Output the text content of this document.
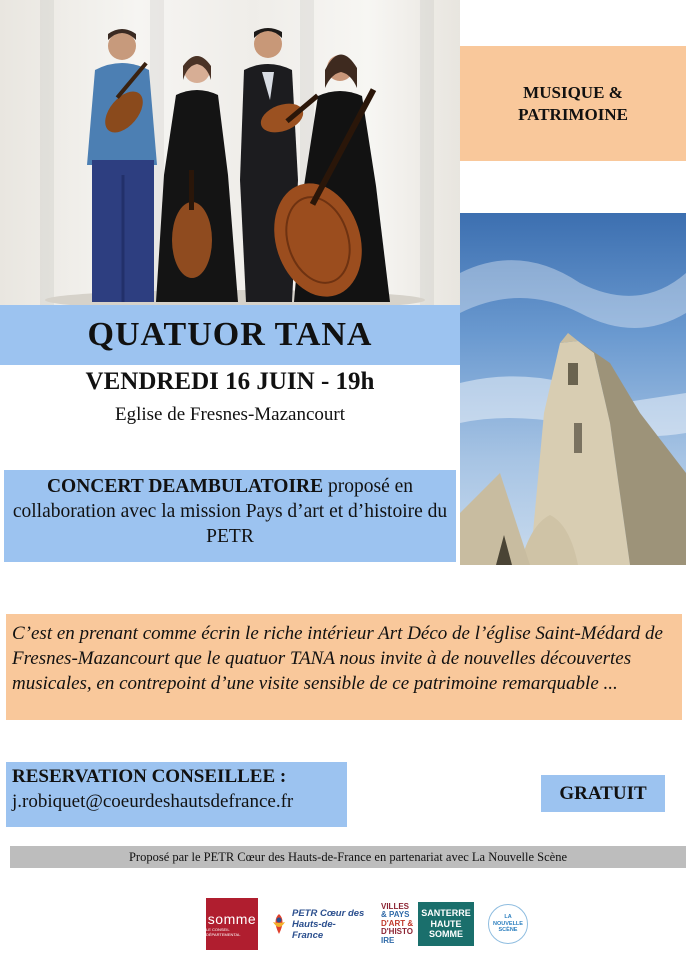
MUSIQUE & PATRIMOINE
QUATUOR TANA
VENDREDI 16 JUIN - 19h
Eglise de Fresnes-Mazancourt
CONCERT DEAMBULATOIRE proposé en collaboration avec la mission Pays d’art et d’histoire du PETR
C’est en prenant comme écrin le riche intérieur Art Déco de l’église Saint-Médard de Fresnes-Mazancourt que le quatuor TANA nous invite à de nouvelles découvertes musicales, en contrepoint d’une visite sensible de ce patrimoine remarquable ...
RESERVATION CONSEILLEE :
j.robiquet@coeurdeshautsdefrance.fr	GRATUIT
Proposé par le PETR Cœur des Hauts-de-France en partenariat avec La Nouvelle Scène
somme
LE CONSEIL DÉPARTEMENTAL
PETR Cœur des
Hauts-de-France
VILLES
& PAYS
D'ART &
D'HISTO
IRE
SANTERRE
HAUTE
SOMME
LA
NOUVELLE
SCÈNE
